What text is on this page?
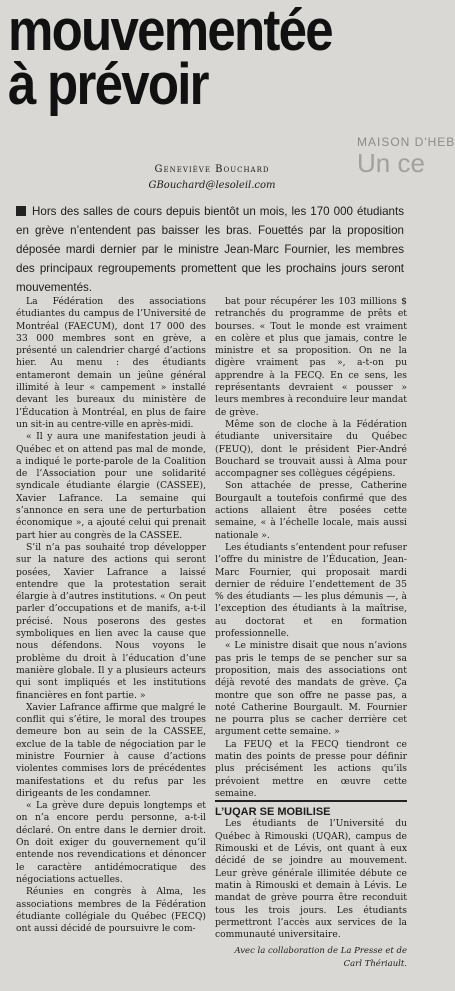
mouvementée
à prévoir
MAISON D'HEB
Un ce
Geneviève Bouchard
GBouchard@lesoleil.com
Hors des salles de cours depuis bientôt un mois, les 170 000 étudiants en grève n’entendent pas baisser les bras. Fouettés par la proposition déposée mardi dernier par le ministre Jean-Marc Fournier, les membres des principaux regroupements promettent que les prochains jours seront mouvementés.

La Fédération des associations étudiantes du campus de l’Université de Montréal (FAECUM), dont 17 000 des 33 000 membres sont en grève, a présenté un calendrier chargé d’actions hier. Au menu : des étudiants entameront demain un jeûne général illimité à leur « campement » installé devant les bureaux du ministère de l’Éducation à Montréal, en plus de faire un sit-in au centre-ville en après-midi.

« Il y aura une manifestation jeudi à Québec et on attend pas mal de monde, a indiqué le porte-parole de la Coalition de l’Association pour une solidarité syndicale étudiante élargie (CASSEE), Xavier Lafrance. La semaine qui s’annonce en sera une de perturbation économique », a ajouté celui qui prenait part hier au congrès de la CASSEE.

S’il n’a pas souhaité trop développer sur la nature des actions qui seront posées, Xavier Lafrance a laissé entendre que la protestation serait élargie à d’autres institutions. « On peut parler d’occupations et de manifs, a-t-il précisé. Nous poserons des gestes symboliques en lien avec la cause que nous défendons. Nous voyons le problème du droit à l’éducation d’une manière globale. Il y a plusieurs acteurs qui sont impliqués et les institutions financières en font partie. »

Xavier Lafrance affirme que malgré le conflit qui s’étire, le moral des troupes demeure bon au sein de la CASSEE, exclue de la table de négociation par le ministre Fournier à cause d’actions violentes commises lors de précédentes manifestations et du refus par les dirigeants de les condamner.

« La grève dure depuis longtemps et on n’a encore perdu personne, a-t-il déclaré. On entre dans le dernier droit. On doit exiger du gouvernement qu’il entende nos revendications et dénoncer le caractère antidémocratique des négociations actuelles.

Réunies en congrès à Alma, les associations membres de la Fédération étudiante collégiale du Québec (FECQ) ont aussi décidé de poursuivre le com-

bat pour récupérer les 103 millions $ retranchés du programme de prêts et bourses. « Tout le monde est vraiment en colère et plus que jamais, contre le ministre et sa proposition. On ne la digère vraiment pas », a-t-on pu apprendre à la FECQ. En ce sens, les représentants devraient « pousser » leurs membres à reconduire leur mandat de grève.

Même son de cloche à la Fédération étudiante universitaire du Québec (FEUQ), dont le président Pier-André Bouchard se trouvait aussi à Alma pour accompagner ses collègues cégépiens.

Son attachée de presse, Catherine Bourgault a toutefois confirmé que des actions allaient être posées cette semaine, « à l’échelle locale, mais aussi nationale ».

Les étudiants s’entendent pour refuser l’offre du ministre de l’Éducation, Jean-Marc Fournier, qui proposait mardi dernier de réduire l’endettement de 35 % des étudiants — les plus démunis —, à l’exception des étudiants à la maîtrise, au doctorat et en formation professionnelle.

« Le ministre disait que nous n’avions pas pris le temps de se pencher sur sa proposition, mais des associations ont déjà revoté des mandats de grève. Ça montre que son offre ne passe pas, a noté Catherine Bourgault. M. Fournier ne pourra plus se cacher derrière cet argument cette semaine. »

La FEUQ et la FECQ tiendront ce matin des points de presse pour définir plus précisément les actions qu’ils prévoient mettre en œuvre cette semaine.

L’UQAR SE MOBILISE

Les étudiants de l’Université du Québec à Rimouski (UQAR), campus de Rimouski et de Lévis, ont quant à eux décidé de se joindre au mouvement. Leur grève générale illimitée débute ce matin à Rimouski et demain à Lévis. Le mandat de grève pourra être reconduit tous les trois jours. Les étudiants permettront l’accès aux services de la communauté universitaire.

Avec la collaboration de La Presse et de Carl Thériault.
